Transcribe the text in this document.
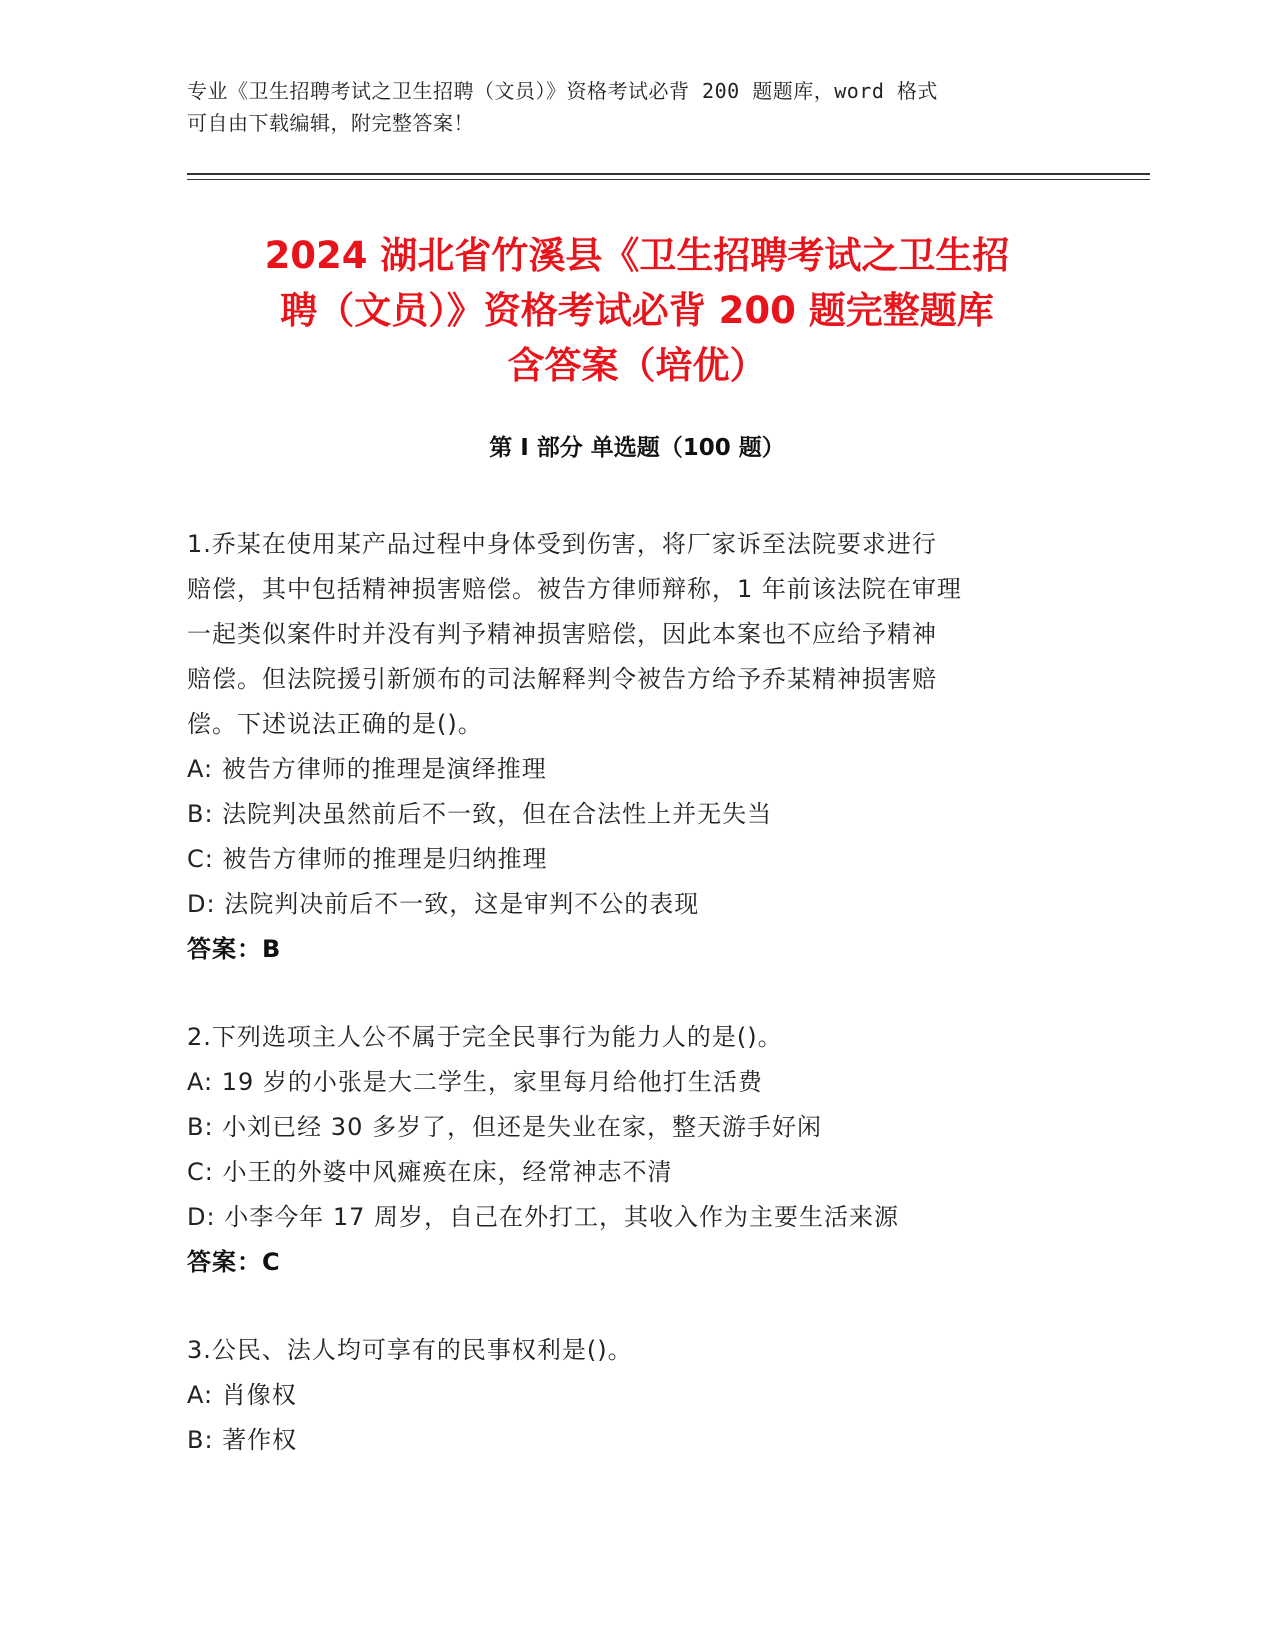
专业《卫生招聘考试之卫生招聘（文员）》资格考试必背 200 题题库，word 格式
可自由下载编辑，附完整答案！
2024 湖北省竹溪县《卫生招聘考试之卫生招
聘（文员）》资格考试必背 200 题完整题库
含答案（培优）
第 I 部分 单选题（100 题）
1.乔某在使用某产品过程中身体受到伤害，将厂家诉至法院要求进行
赔偿，其中包括精神损害赔偿。被告方律师辩称，1 年前该法院在审理
一起类似案件时并没有判予精神损害赔偿，因此本案也不应给予精神
赔偿。但法院援引新颁布的司法解释判令被告方给予乔某精神损害赔
偿。下述说法正确的是()。
A: 被告方律师的推理是演绎推理
B: 法院判决虽然前后不一致，但在合法性上并无失当
C: 被告方律师的推理是归纳推理
D: 法院判决前后不一致，这是审判不公的表现
答案：B
2.下列选项主人公不属于完全民事行为能力人的是()。
A: 19 岁的小张是大二学生，家里每月给他打生活费
B: 小刘已经 30 多岁了，但还是失业在家，整天游手好闲
C: 小王的外婆中风瘫痪在床，经常神志不清
D: 小李今年 17 周岁，自己在外打工，其收入作为主要生活来源
答案：C
3.公民、法人均可享有的民事权利是()。
A: 肖像权
B: 著作权
